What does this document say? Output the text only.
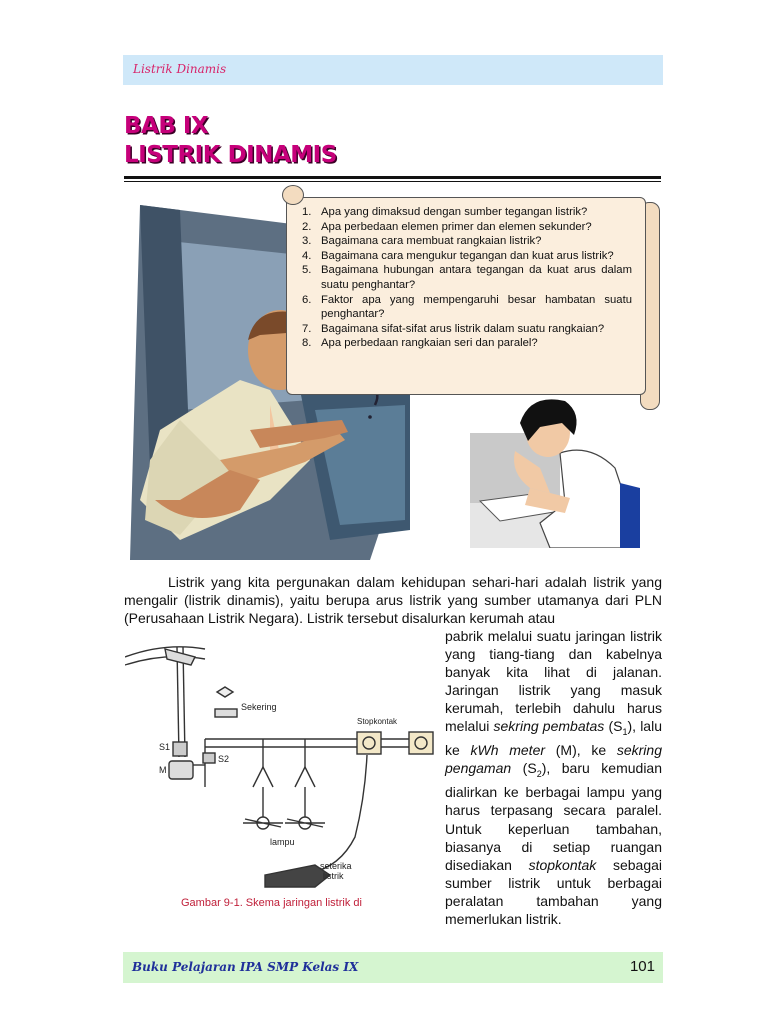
Listrik Dinamis
BAB IX
LISTRIK DINAMIS
1. Apa yang dimaksud dengan sumber tegangan listrik?
2. Apa perbedaan elemen primer dan elemen sekunder?
3. Bagaimana cara membuat rangkaian listrik?
4. Bagaimana cara mengukur tegangan dan kuat arus listrik?
5. Bagaimana hubungan antara tegangan da kuat arus dalam suatu penghantar?
6. Faktor apa yang mempengaruhi besar hambatan suatu penghantar?
7. Bagaimana sifat-sifat arus listrik dalam suatu rangkaian?
8. Apa perbedaan rangkaian seri dan paralel?

Listrik yang kita pergunakan dalam kehidupan sehari-hari adalah listrik yang mengalir (listrik dinamis), yaitu berupa arus listrik yang sumber utamanya dari PLN (Perusahaan Listrik Negara). Listrik tersebut disalurkan kerumah atau

pabrik melalui suatu jaringan listrik yang tiang-tiang dan kabelnya banyak kita lihat di jalanan. Jaringan listrik yang masuk kerumah, terlebih dahulu harus melalui sekring pembatas $(S_1)$, lalu ke kWh meter (M), ke sekring pengaman $(S_2)$, baru kemudian dialirkan ke berbagai lampu yang harus terpasang secara paralel. Untuk keperluan tambahan, biasanya di setiap ruangan disediakan stopkontak sebagai sumber listrik untuk berbagai peralatan tambahan yang memerlukan listrik.

Sekering
Stopkontak
S1
M
S2
lampu
seterika
listrik
Gambar 9-1. Skema jaringan listrik di
Buku Pelajaran IPA SMP Kelas IX	101
